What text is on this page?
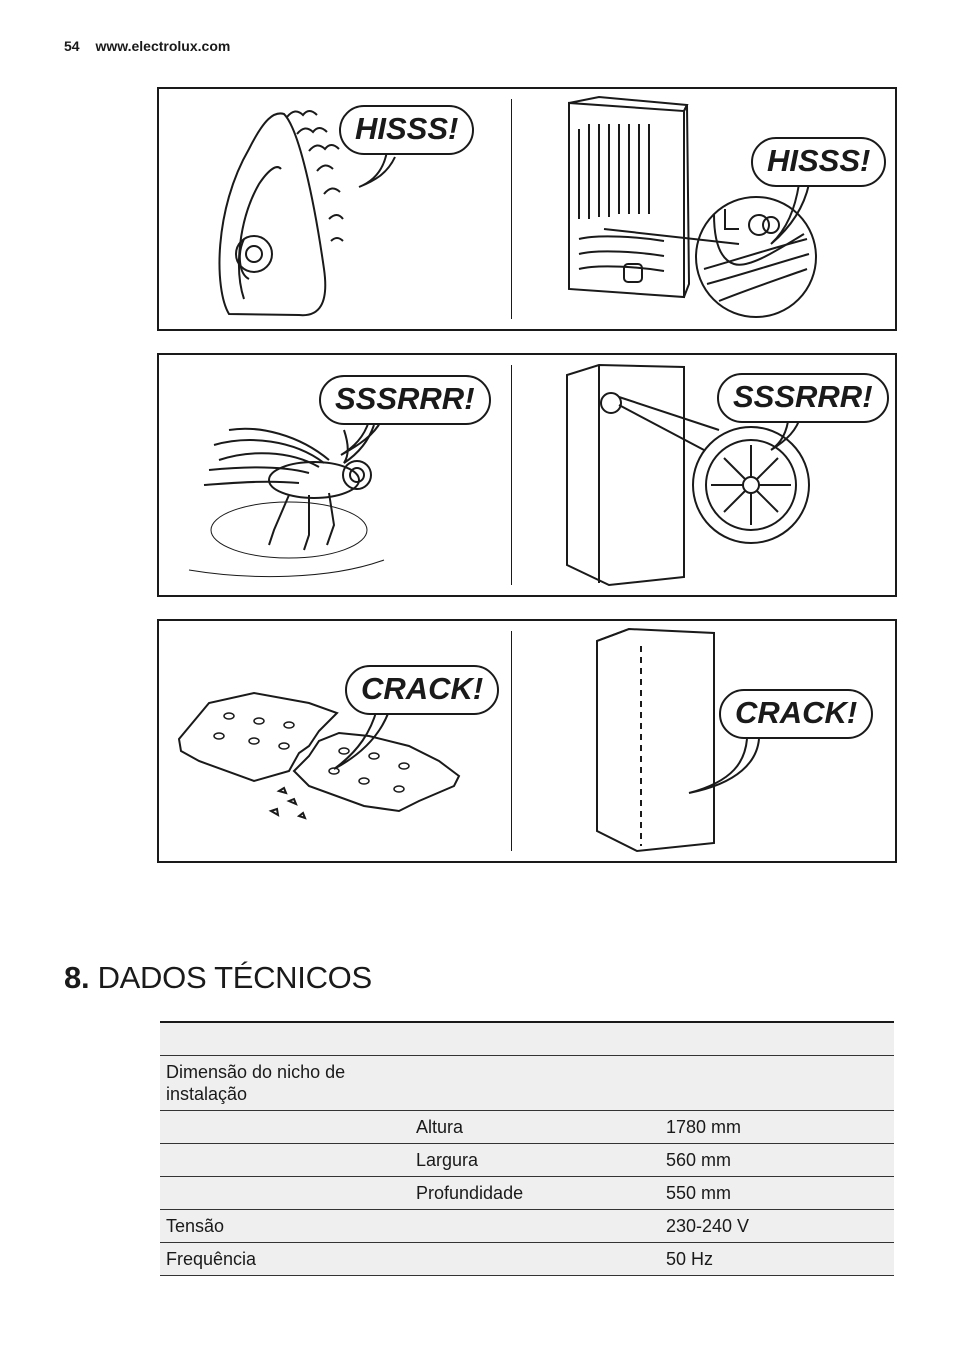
54 www.electrolux.com
HISSS!
HISSS!
SSSRRR!	SSSRRR!
CRACK!
CRACK!
8. DADOS TÉCNICOS

Dimensão do nicho de instalação		
	Altura	1780 mm
	Largura	560 mm
	Profundidade	550 mm
Tensão		230-240 V
Frequência		50 Hz
